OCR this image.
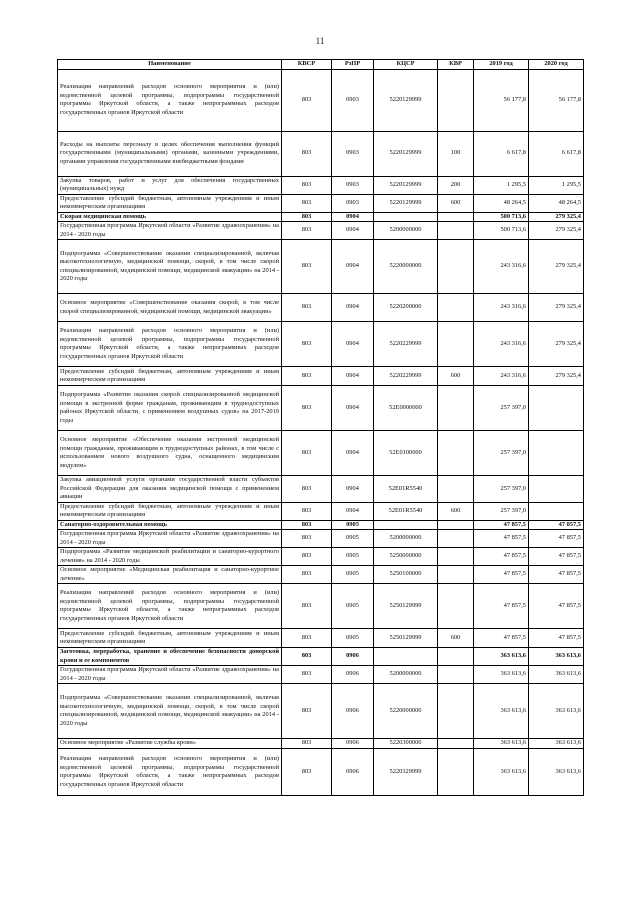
11
Наименование	КВСР	РзПР	КЦСР	КВР	2019 год	2020 год
Реализация направлений расходов основного мероприятия и (или) ведомственной целевой программы, подпрограммы государственной программы Иркутской области, а также непрограммных расходов государственных органов Иркутской области	803	0903	5220129999		56 177,8	56 177,8
Расходы на выплаты персоналу в целях обеспечения выполнения функций государственными (муниципальными) органами, казенными учреждениями, органами управления государственными внебюджетными фондами	803	0903	5220129999	100	6 617,8	6 617,8
Закупка товаров, работ и услуг для обеспечения государственных (муниципальных) нужд	803	0903	5220129999	200	1 295,5	1 295,5
Предоставление субсидий бюджетным, автономным учреждениям и иным некоммерческим организациям	803	0903	5220129999	600	48 264,5	48 264,5
Скорая медицинская помощь	803	0904			500 713,6	279 325,4
Государственная программа Иркутской области «Развитие здравоохранения» на 2014 - 2020 годы	803	0904	5200000000		500 713,6	279 325,4
Подпрограмма «Совершенствование оказания специализированной, включая высокотехнологичную, медицинской помощи, скорой, в том числе скорой специализированной, медицинской помощи, медицинской эвакуации» на 2014 - 2020 годы	803	0904	5220000000		243 316,6	279 325,4
Основное мероприятие «Совершенствование оказания скорой, в том числе скорой специализированной, медицинской помощи, медицинской эвакуации»	803	0904	5220200000		243 316,6	279 325,4
Реализация направлений расходов основного мероприятия и (или) ведомственной целевой программы, подпрограммы государственной программы Иркутской области, а также непрограммных расходов государственных органов Иркутской области	803	0904	5220229999		243 316,6	279 325,4
Предоставление субсидий бюджетным, автономным учреждениям и иным некоммерческим организациям	803	0904	5220229999	600	243 316,6	279 325,4
Подпрограмма «Развитие оказания скорой специализированной медицинской помощи в экстренной форме гражданам, проживающим в труднодоступных районах Иркутской области, с применением воздушных судов» на 2017-2019 годы	803	0904	52E0000000		257 397,0	
Основное мероприятие «Обеспечение оказания экстренной медицинской помощи гражданам, проживающим в труднодоступных районах, в том числе с использованием нового воздушного судна, оснащенного медицинским модулем»	803	0904	52E0100000		257 397,0	
Закупка авиационной услуги органами государственной власти субъектов Российской Федерации для оказания медицинской помощи с применением авиации	803	0904	52E01R5540		257 397,0	
Предоставление субсидий бюджетным, автономным учреждениям и иным некоммерческим организациям	803	0904	52E01R5540	600	257 397,0	
Санаторно-оздоровительная помощь	803	0905			47 857,5	47 857,5
Государственная программа Иркутской области «Развитие здравоохранения» на 2014 - 2020 годы	803	0905	5200000000		47 857,5	47 857,5
Подпрограмма «Развитие медицинской реабилитации и санаторно-курортного лечения» на 2014 - 2020 годы	803	0905	5250000000		47 857,5	47 857,5
Основное мероприятие «Медицинская реабилитация и санаторно-курортное лечение»	803	0905	5250100000		47 857,5	47 857,5
Реализация направлений расходов основного мероприятия и (или) ведомственной целевой программы, подпрограммы государственной программы Иркутской области, а также непрограммных расходов государственных органов Иркутской области	803	0905	5250129999		47 857,5	47 857,5
Предоставление субсидий бюджетным, автономным учреждениям и иным некоммерческим организациям	803	0905	5250129999	600	47 857,5	47 857,5
Заготовка, переработка, хранение и обеспечение безопасности донорской крови и ее компонентов	803	0906			363 613,6	363 613,6
Государственная программа Иркутской области «Развитие здравоохранения» на 2014 - 2020 годы	803	0906	5200000000		363 613,6	363 613,6
Подпрограмма «Совершенствование оказания специализированной, включая высокотехнологичную, медицинской помощи, скорой, в том числе скорой специализированной, медицинской помощи, медицинской эвакуации» на 2014 - 2020 годы	803	0906	5220000000		363 613,6	363 613,6
Основное мероприятие «Развитие службы крови»	803	0906	5220300000		363 613,6	363 613,6
Реализация направлений расходов основного мероприятия и (или) ведомственной целевой программы, подпрограммы государственной программы Иркутской области, а также непрограммных расходов государственных органов Иркутской области	803	0906	5220329999		363 613,6	363 613,6
